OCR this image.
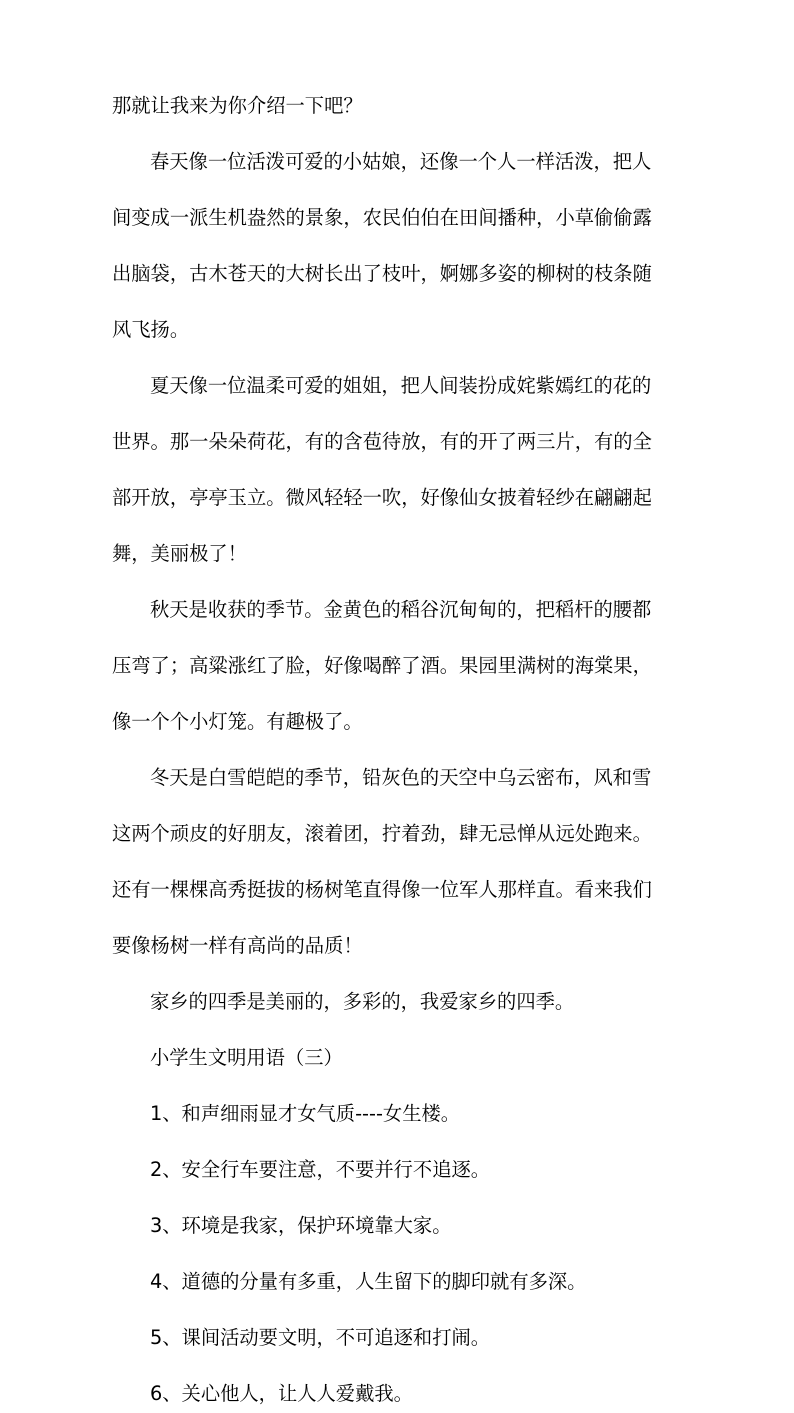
那就让我来为你介绍一下吧？
春天像一位活泼可爱的小姑娘，还像一个人一样活泼，把人
间变成一派生机盎然的景象，农民伯伯在田间播种，小草偷偷露
出脑袋，古木苍天的大树长出了枝叶，婀娜多姿的柳树的枝条随
风飞扬。
夏天像一位温柔可爱的姐姐，把人间装扮成姹紫嫣红的花的
世界。那一朵朵荷花，有的含苞待放，有的开了两三片，有的全
部开放，亭亭玉立。微风轻轻一吹，好像仙女披着轻纱在翩翩起
舞，美丽极了！
秋天是收获的季节。金黄色的稻谷沉甸甸的，把稻杆的腰都
压弯了；高粱涨红了脸，好像喝醉了酒。果园里满树的海棠果，
像一个个小灯笼。有趣极了。
冬天是白雪皑皑的季节，铅灰色的天空中乌云密布，风和雪
这两个顽皮的好朋友，滚着团，拧着劲，肆无忌惮从远处跑来。
还有一棵棵高秀挺拔的杨树笔直得像一位军人那样直。看来我们
要像杨树一样有高尚的品质！
家乡的四季是美丽的，多彩的，我爱家乡的四季。
小学生文明用语（三）
1、和声细雨显才女气质----女生楼。
2、安全行车要注意，不要并行不追逐。
3、环境是我家，保护环境靠大家。
4、道德的分量有多重，人生留下的脚印就有多深。
5、课间活动要文明，不可追逐和打闹。
6、关心他人，让人人爱戴我。
